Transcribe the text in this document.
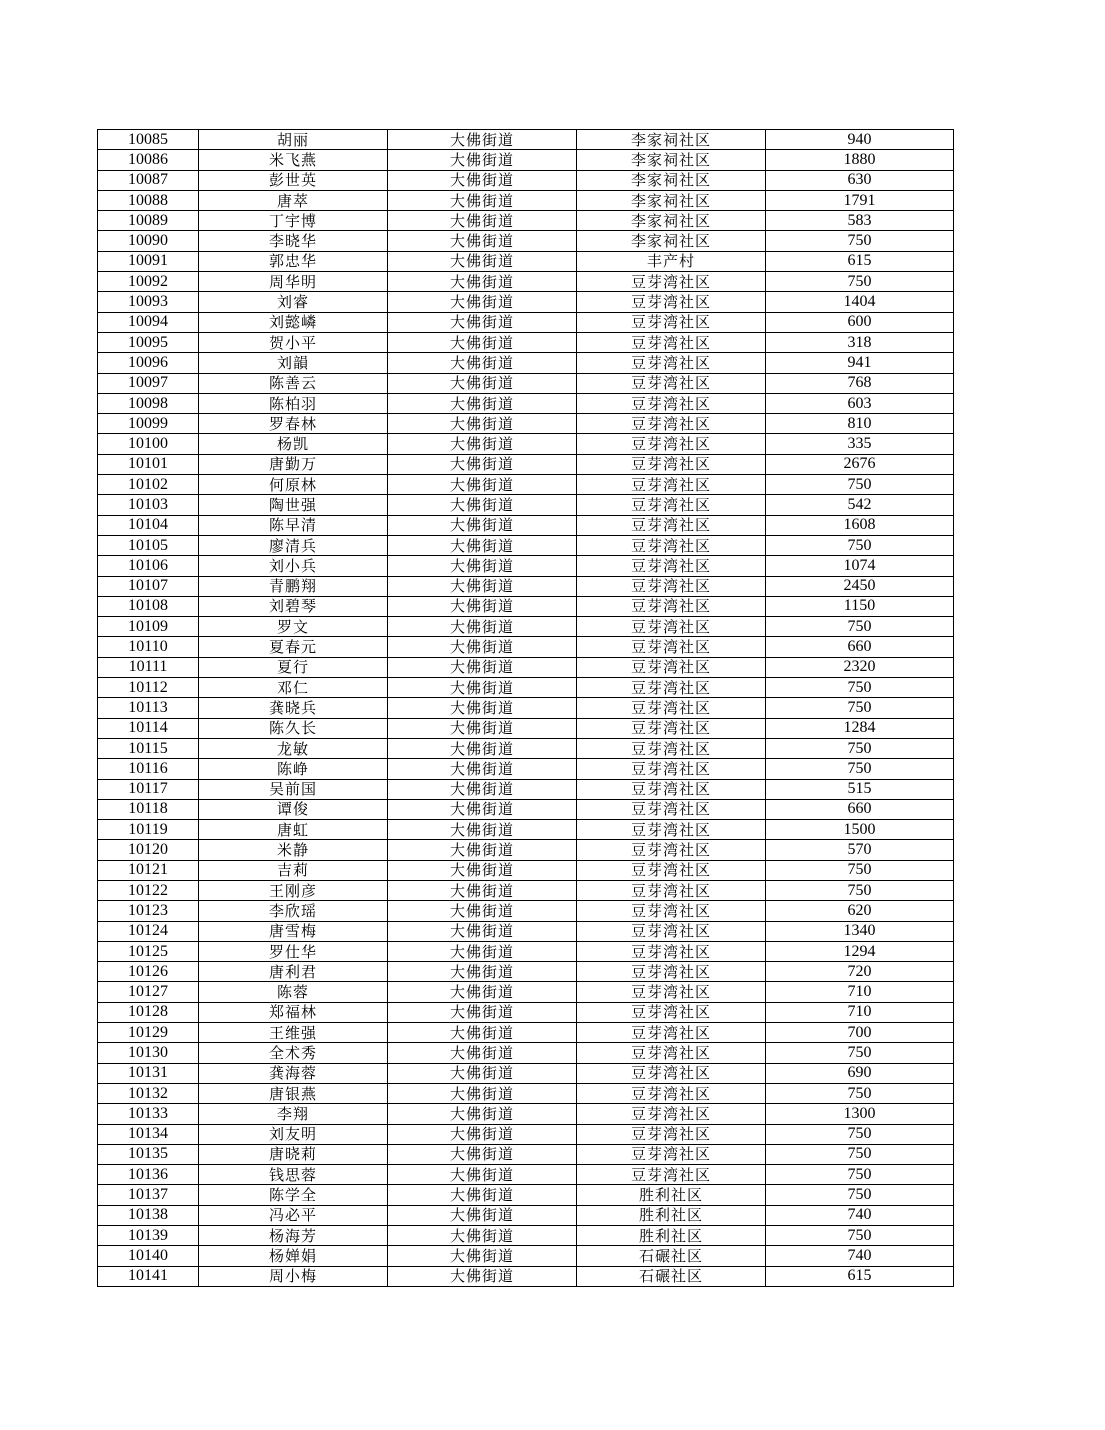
10085	胡丽	大佛街道	李家祠社区	940
10086	米飞燕	大佛街道	李家祠社区	1880
10087	彭世英	大佛街道	李家祠社区	630
10088	唐萃	大佛街道	李家祠社区	1791
10089	丁宇博	大佛街道	李家祠社区	583
10090	李晓华	大佛街道	李家祠社区	750
10091	郭忠华	大佛街道	丰产村	615
10092	周华明	大佛街道	豆芽湾社区	750
10093	刘睿	大佛街道	豆芽湾社区	1404
10094	刘懿嶙	大佛街道	豆芽湾社区	600
10095	贺小平	大佛街道	豆芽湾社区	318
10096	刘韻	大佛街道	豆芽湾社区	941
10097	陈善云	大佛街道	豆芽湾社区	768
10098	陈柏羽	大佛街道	豆芽湾社区	603
10099	罗春林	大佛街道	豆芽湾社区	810
10100	杨凯	大佛街道	豆芽湾社区	335
10101	唐勤万	大佛街道	豆芽湾社区	2676
10102	何原林	大佛街道	豆芽湾社区	750
10103	陶世强	大佛街道	豆芽湾社区	542
10104	陈早清	大佛街道	豆芽湾社区	1608
10105	廖清兵	大佛街道	豆芽湾社区	750
10106	刘小兵	大佛街道	豆芽湾社区	1074
10107	青鹏翔	大佛街道	豆芽湾社区	2450
10108	刘碧琴	大佛街道	豆芽湾社区	1150
10109	罗文	大佛街道	豆芽湾社区	750
10110	夏春元	大佛街道	豆芽湾社区	660
10111	夏行	大佛街道	豆芽湾社区	2320
10112	邓仁	大佛街道	豆芽湾社区	750
10113	龚晓兵	大佛街道	豆芽湾社区	750
10114	陈久长	大佛街道	豆芽湾社区	1284
10115	龙敏	大佛街道	豆芽湾社区	750
10116	陈峥	大佛街道	豆芽湾社区	750
10117	吴前国	大佛街道	豆芽湾社区	515
10118	谭俊	大佛街道	豆芽湾社区	660
10119	唐虹	大佛街道	豆芽湾社区	1500
10120	米静	大佛街道	豆芽湾社区	570
10121	吉莉	大佛街道	豆芽湾社区	750
10122	王刚彦	大佛街道	豆芽湾社区	750
10123	李欣瑶	大佛街道	豆芽湾社区	620
10124	唐雪梅	大佛街道	豆芽湾社区	1340
10125	罗仕华	大佛街道	豆芽湾社区	1294
10126	唐利君	大佛街道	豆芽湾社区	720
10127	陈蓉	大佛街道	豆芽湾社区	710
10128	郑福林	大佛街道	豆芽湾社区	710
10129	王维强	大佛街道	豆芽湾社区	700
10130	全术秀	大佛街道	豆芽湾社区	750
10131	龚海蓉	大佛街道	豆芽湾社区	690
10132	唐银燕	大佛街道	豆芽湾社区	750
10133	李翔	大佛街道	豆芽湾社区	1300
10134	刘友明	大佛街道	豆芽湾社区	750
10135	唐晓莉	大佛街道	豆芽湾社区	750
10136	钱思蓉	大佛街道	豆芽湾社区	750
10137	陈学全	大佛街道	胜利社区	750
10138	冯必平	大佛街道	胜利社区	740
10139	杨海芳	大佛街道	胜利社区	750
10140	杨婵娟	大佛街道	石碾社区	740
10141	周小梅	大佛街道	石碾社区	615
